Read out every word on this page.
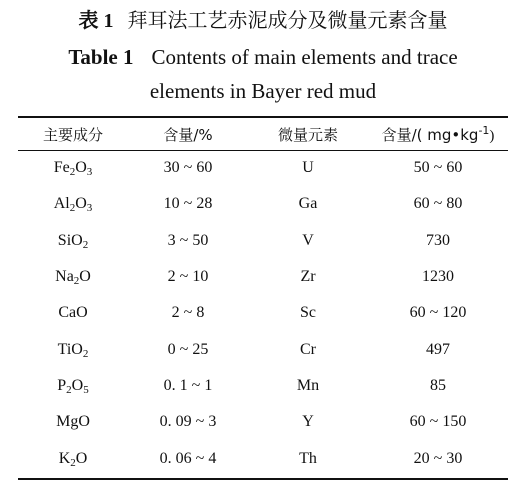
表 1 拜耳法工艺赤泥成分及微量元素含量
Table 1 Contents of main elements and trace
elements in Bayer red mud
主要成分	含量/%	微量元素	含量/( $mg•kg^{-1}$)
$Fe_2O_3$	30 ~ 60	U	50 ~ 60
$Al_2O_3$	10 ~ 28	Ga	60 ~ 80
SiO$_2$	3 ~ 50	V	730
$Na_2O$	2 ~ 10	Zr	1230
CaO	2 ~ 8	Sc	60 ~ 120
TiO$_2$	0 ~ 25	Cr	497
$P_2O_5$	0. 1 ~ 1	Mn	85
MgO	0. 09 ~ 3	Y	60 ~ 150
$K_2O$	0. 06 ~ 4	Th	20 ~ 30
